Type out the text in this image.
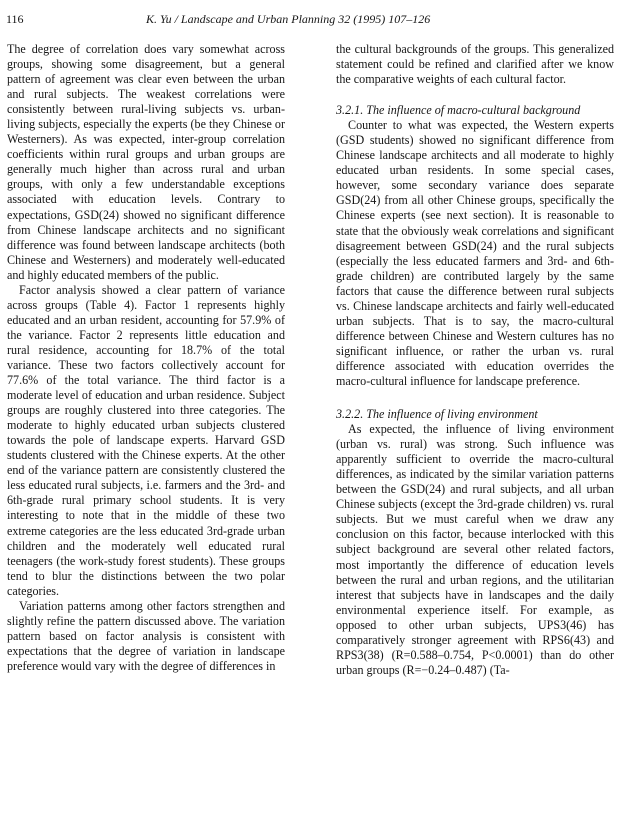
116	K. Yu / Landscape and Urban Planning 32 (1995) 107–126

The degree of correlation does vary somewhat across groups, showing some disagreement, but a general pattern of agreement was clear even between the urban and rural subjects. The weakest correlations were consistently between rural-living subjects vs. urban-living subjects, especially the experts (be they Chinese or Westerners). As was expected, inter-group correlation coefficients within rural groups and urban groups are generally much higher than across rural and urban groups, with only a few understandable exceptions associated with education levels. Contrary to expectations, GSD(24) showed no significant difference from Chinese landscape architects and no significant difference was found between landscape architects (both Chinese and Westerners) and moderately well-educated and highly educated members of the public.

Factor analysis showed a clear pattern of variance across groups (Table 4). Factor 1 represents highly educated and an urban resident, accounting for 57.9% of the variance. Factor 2 represents little education and rural residence, accounting for 18.7% of the total variance. These two factors collectively account for 77.6% of the total variance. The third factor is a moderate level of education and urban residence. Subject groups are roughly clustered into three categories. The moderate to highly educated urban subjects clustered towards the pole of landscape experts. Harvard GSD students clustered with the Chinese experts. At the other end of the variance pattern are consistently clustered the less educated rural subjects, i.e. farmers and the 3rd- and 6th-grade rural primary school students. It is very interesting to note that in the middle of these two extreme categories are the less educated 3rd-grade urban children and the moderately well educated rural teenagers (the work-study forest students). These groups tend to blur the distinctions between the two polar categories.

Variation patterns among other factors strengthen and slightly refine the pattern discussed above. The variation pattern based on factor analysis is consistent with expectations that the degree of variation in landscape preference would vary with the degree of differences in

the cultural backgrounds of the groups. This generalized statement could be refined and clarified after we know the comparative weights of each cultural factor.

3.2.1. The influence of macro-cultural background

Counter to what was expected, the Western experts (GSD students) showed no significant difference from Chinese landscape architects and all moderate to highly educated urban residents. In some special cases, however, some secondary variance does separate GSD(24) from all other Chinese groups, specifically the Chinese experts (see next section). It is reasonable to state that the obviously weak correlations and significant disagreement between GSD(24) and the rural subjects (especially the less educated farmers and 3rd- and 6th-grade children) are contributed largely by the same factors that cause the difference between rural subjects vs. Chinese landscape architects and fairly well-educated urban subjects. That is to say, the macro-cultural difference between Chinese and Western cultures has no significant influence, or rather the urban vs. rural difference associated with education overrides the macro-cultural influence for landscape preference.

3.2.2. The influence of living environment

As expected, the influence of living environment (urban vs. rural) was strong. Such influence was apparently sufficient to override the macro-cultural differences, as indicated by the similar variation patterns between the GSD(24) and rural subjects, and all urban Chinese subjects (except the 3rd-grade children) vs. rural subjects. But we must careful when we draw any conclusion on this factor, because interlocked with this subject background are several other related factors, most importantly the difference of education levels between the rural and urban regions, and the utilitarian interest that subjects have in landscapes and the daily environmental experience itself. For example, as opposed to other urban subjects, UPS3(46) has comparatively stronger agreement with RPS6(43) and RPS3(38) (R=0.588–0.754, P<0.0001) than do other urban groups (R=−0.24–0.487) (Ta-
